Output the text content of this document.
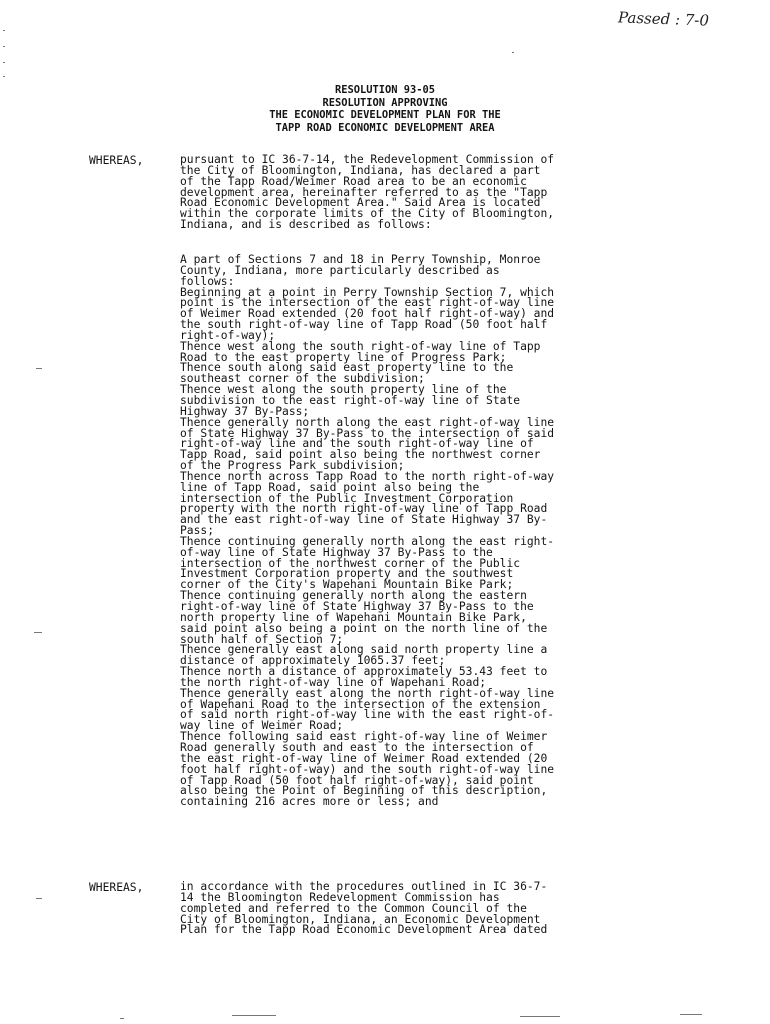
Passed : 7-0
RESOLUTION 93-05
RESOLUTION APPROVING
THE ECONOMIC DEVELOPMENT PLAN FOR THE
TAPP ROAD ECONOMIC DEVELOPMENT AREA
WHEREAS,	pursuant to IC 36-7-14, the Redevelopment Commission of
the City of Bloomington, Indiana, has declared a part
of the Tapp Road/Weimer Road area to be an economic
development area, hereinafter referred to as the "Tapp
Road Economic Development Area." Said Area is located
within the corporate limits of the City of Bloomington,
Indiana, and is described as follows:
A part of Sections 7 and 18 in Perry Township, Monroe
County, Indiana, more particularly described as
follows:
Beginning at a point in Perry Township Section 7, which
point is the intersection of the east right-of-way line
of Weimer Road extended (20 foot half right-of-way) and
the south right-of-way line of Tapp Road (50 foot half
right-of-way);
Thence west along the south right-of-way line of Tapp
Road to the east property line of Progress Park;
Thence south along said east property line to the
southeast corner of the subdivision;
Thence west along the south property line of the
subdivision to the east right-of-way line of State
Highway 37 By-Pass;
Thence generally north along the east right-of-way line
of State Highway 37 By-Pass to the intersection of said
right-of-way line and the south right-of-way line of
Tapp Road, said point also being the northwest corner
of the Progress Park subdivision;
Thence north across Tapp Road to the north right-of-way
line of Tapp Road, said point also being the
intersection of the Public Investment Corporation
property with the north right-of-way line of Tapp Road
and the east right-of-way line of State Highway 37 By-
Pass;
Thence continuing generally north along the east right-
of-way line of State Highway 37 By-Pass to the
intersection of the northwest corner of the Public
Investment Corporation property and the southwest
corner of the City's Wapehani Mountain Bike Park;
Thence continuing generally north along the eastern
right-of-way line of State Highway 37 By-Pass to the
north property line of Wapehani Mountain Bike Park,
said point also being a point on the north line of the
south half of Section 7;
Thence generally east along said north property line a
distance of approximately 1065.37 feet;
Thence north a distance of approximately 53.43 feet to
the north right-of-way line of Wapehani Road;
Thence generally east along the north right-of-way line
of Wapehani Road to the intersection of the extension
of said north right-of-way line with the east right-of-
way line of Weimer Road;
Thence following said east right-of-way line of Weimer
Road generally south and east to the intersection of
the east right-of-way line of Weimer Road extended (20
foot half right-of-way) and the south right-of-way line
of Tapp Road (50 foot half right-of-way), said point
also being the Point of Beginning of this description,
containing 216 acres more or less; and
WHEREAS,	in accordance with the procedures outlined in IC 36-7-
14 the Bloomington Redevelopment Commission has
completed and referred to the Common Council of the
City of Bloomington, Indiana, an Economic Development
Plan for the Tapp Road Economic Development Area dated
